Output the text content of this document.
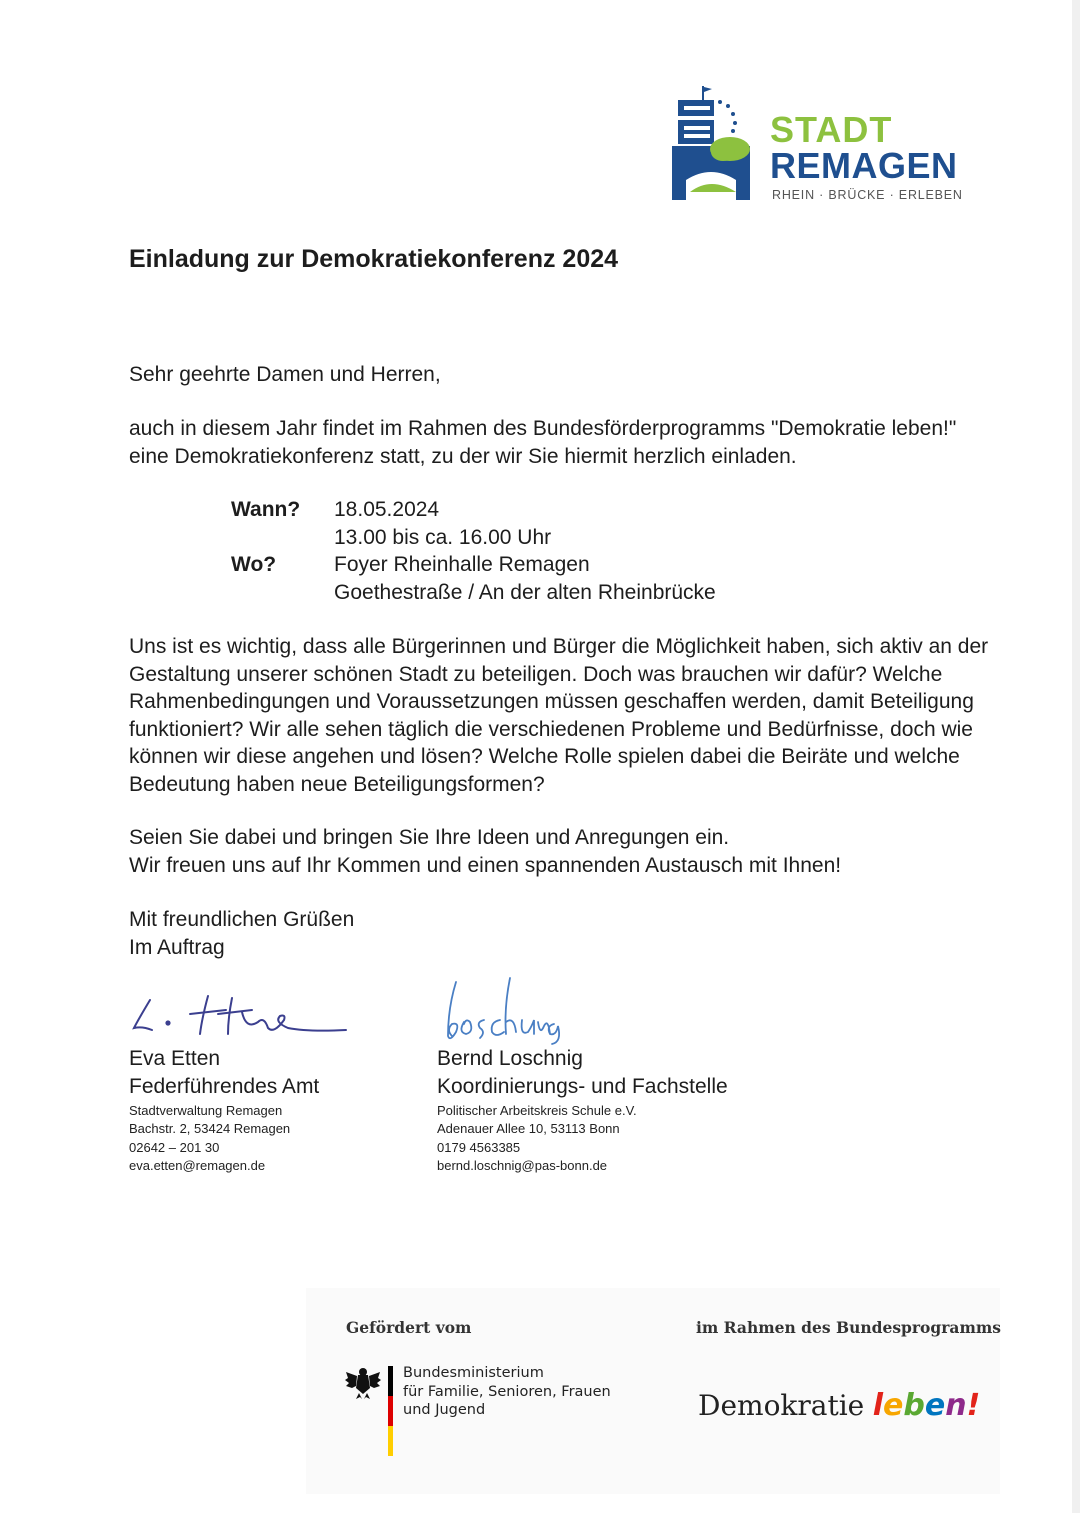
STADT
REMAGEN
RHEIN · BRÜCKE · ERLEBEN
Einladung zur Demokratiekonferenz 2024
Sehr geehrte Damen und Herren,
auch in diesem Jahr findet im Rahmen des Bundesförderprogramms "Demokratie leben!"
eine Demokratiekonferenz statt, zu der wir Sie hiermit herzlich einladen.
Wann? 18.05.2024
13.00 bis ca. 16.00 Uhr
Wo?	Foyer Rheinhalle Remagen
Goethestraße / An der alten Rheinbrücke
Uns ist es wichtig, dass alle Bürgerinnen und Bürger die Möglichkeit haben, sich aktiv an der
Gestaltung unserer schönen Stadt zu beteiligen. Doch was brauchen wir dafür? Welche
Rahmenbedingungen und Voraussetzungen müssen geschaffen werden, damit Beteiligung
funktioniert? Wir alle sehen täglich die verschiedenen Probleme und Bedürfnisse, doch wie
können wir diese angehen und lösen? Welche Rolle spielen dabei die Beiräte und welche
Bedeutung haben neue Beteiligungsformen?
Seien Sie dabei und bringen Sie Ihre Ideen und Anregungen ein.
Wir freuen uns auf Ihr Kommen und einen spannenden Austausch mit Ihnen!
Mit freundlichen Grüßen
Im Auftrag
Eva Etten
Federführendes Amt
Stadtverwaltung Remagen
Bachstr. 2, 53424 Remagen
02642 – 201 30
eva.etten@remagen.de
Bernd Loschnig
Koordinierungs- und Fachstelle
Politischer Arbeitskreis Schule e.V.
Adenauer Allee 10, 53113 Bonn
0179 4563385
bernd.loschnig@pas-bonn.de
Gefördert vom
Bundesministerium
für Familie, Senioren, Frauen
und Jugend
im Rahmen des Bundesprogramms
Demokratie leben!
